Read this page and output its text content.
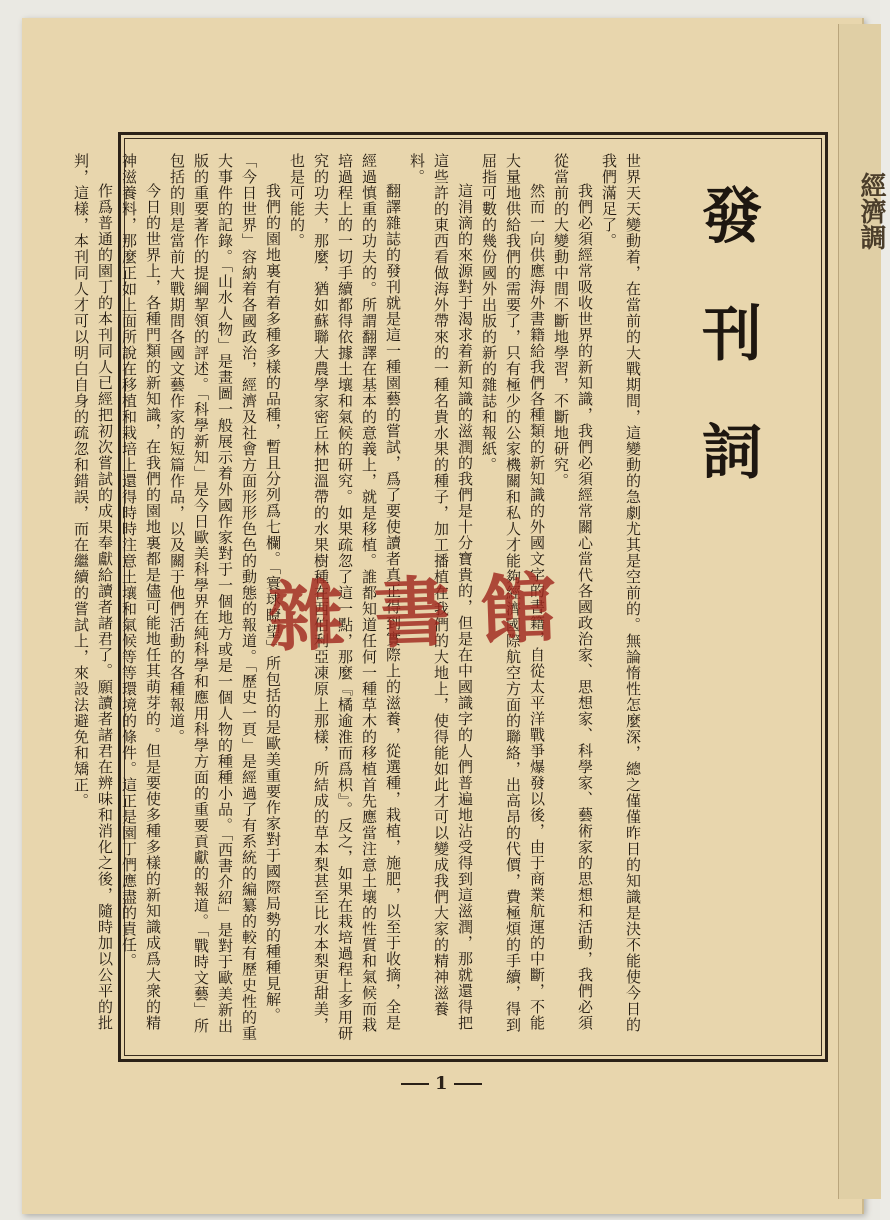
經濟調
發
刊
詞

世界天天變動着，在當前的大戰期間，這變動的急劇尤其是空前的。無論惰性怎麼深，總之僅僅昨日的知識是決不能使今日的我們滿足了。

我們必須經常吸收世界的新知識，我們必須經常關心當代各國政治家、思想家、科學家、藝術家的思想和活動，我們必須從當前的大變動中間不斷地學習，不斷地研究。

然而一向供應海外書籍給我們各種類的新知識的外國文字的書籍，自從太平洋戰爭爆發以後，由于商業航運的中斷，不能大量地供給我們的需要了，只有極少的公家機關和私人才能夠經濟國際航空方面的聯絡，出高昂的代價，費極煩的手續，得到屈指可數的幾份國外出版的新的雜誌和報紙。

這涓滴的來源對于渴求着新知識的滋潤的我們是十分寶貴的，但是在中國識字的人們普遍地沾受得到這滋潤，那就還得把這些許的東西看做海外帶來的一種名貴水果的種子，加工播植在我們的大地上，使得能如此才可以變成我們大家的精神滋養料。

翻譯雜誌的發刊就是這一種園藝的嘗試，爲了要使讀者真正得到實際上的滋養，從選種，栽植，施肥，以至于收摘，全是經過慎重的功夫的。所謂翻譯在基本的意義上，就是移植。誰都知道任何一種草木的移植首先應當注意土壤的性質和氣候而栽培過程上的一切手續都得依據土壤和氣候的研究。如果疏忽了這一點，那麼『橘逾淮而爲枳』。反之，如果在栽培過程上多用研究的功夫，那麼，猶如蘇聯大農學家密丘林把溫帶的水果樹種在西伯利亞凍原上那樣，所結成的草本梨甚至比水本梨更甜美，也是可能的。

我們的園地裏有着多種多樣的品種，暫且分列爲七欄。「寰球瞭望」所包括的是歐美重要作家對于國際局勢的種種見解。「今日世界」容納着各國政治，經濟及社會方面形形色色的動態的報道。「歷史一頁」是經過了有系統的編纂的較有歷史性的重大事件的記錄。「山水人物」是畫圖一般展示着外國作家對于一個地方或是一個人物的種種小品。「西書介紹」是對于歐美新出版的重要著作的提綱挈領的評述。「科學新知」是今日歐美科學界在純科學和應用科學方面的重要貢獻的報道。「戰時文藝」所包括的則是當前大戰期間各國文藝作家的短篇作品，以及關于他們活動的各種報道。

今日的世界上，各種門類的新知識，在我們的園地裏都是儘可能地任其萌芽的。但是要使多種多樣的新知識成爲大衆的精神滋養料，那麼正如上面所說在移植和栽培上還得時時注意土壤和氣候等等環境的條件。這正是園丁們應盡的責任。

作爲普通的園丁的本刊同人已經把初次嘗試的成果奉獻給讀者諸君了。願讀者諸君在辨味和消化之後，隨時加以公平的批判，這樣，本刊同人才可以明白自身的疏忽和錯誤，而在繼續的嘗試上，來設法避免和矯正。	雜書館
1
